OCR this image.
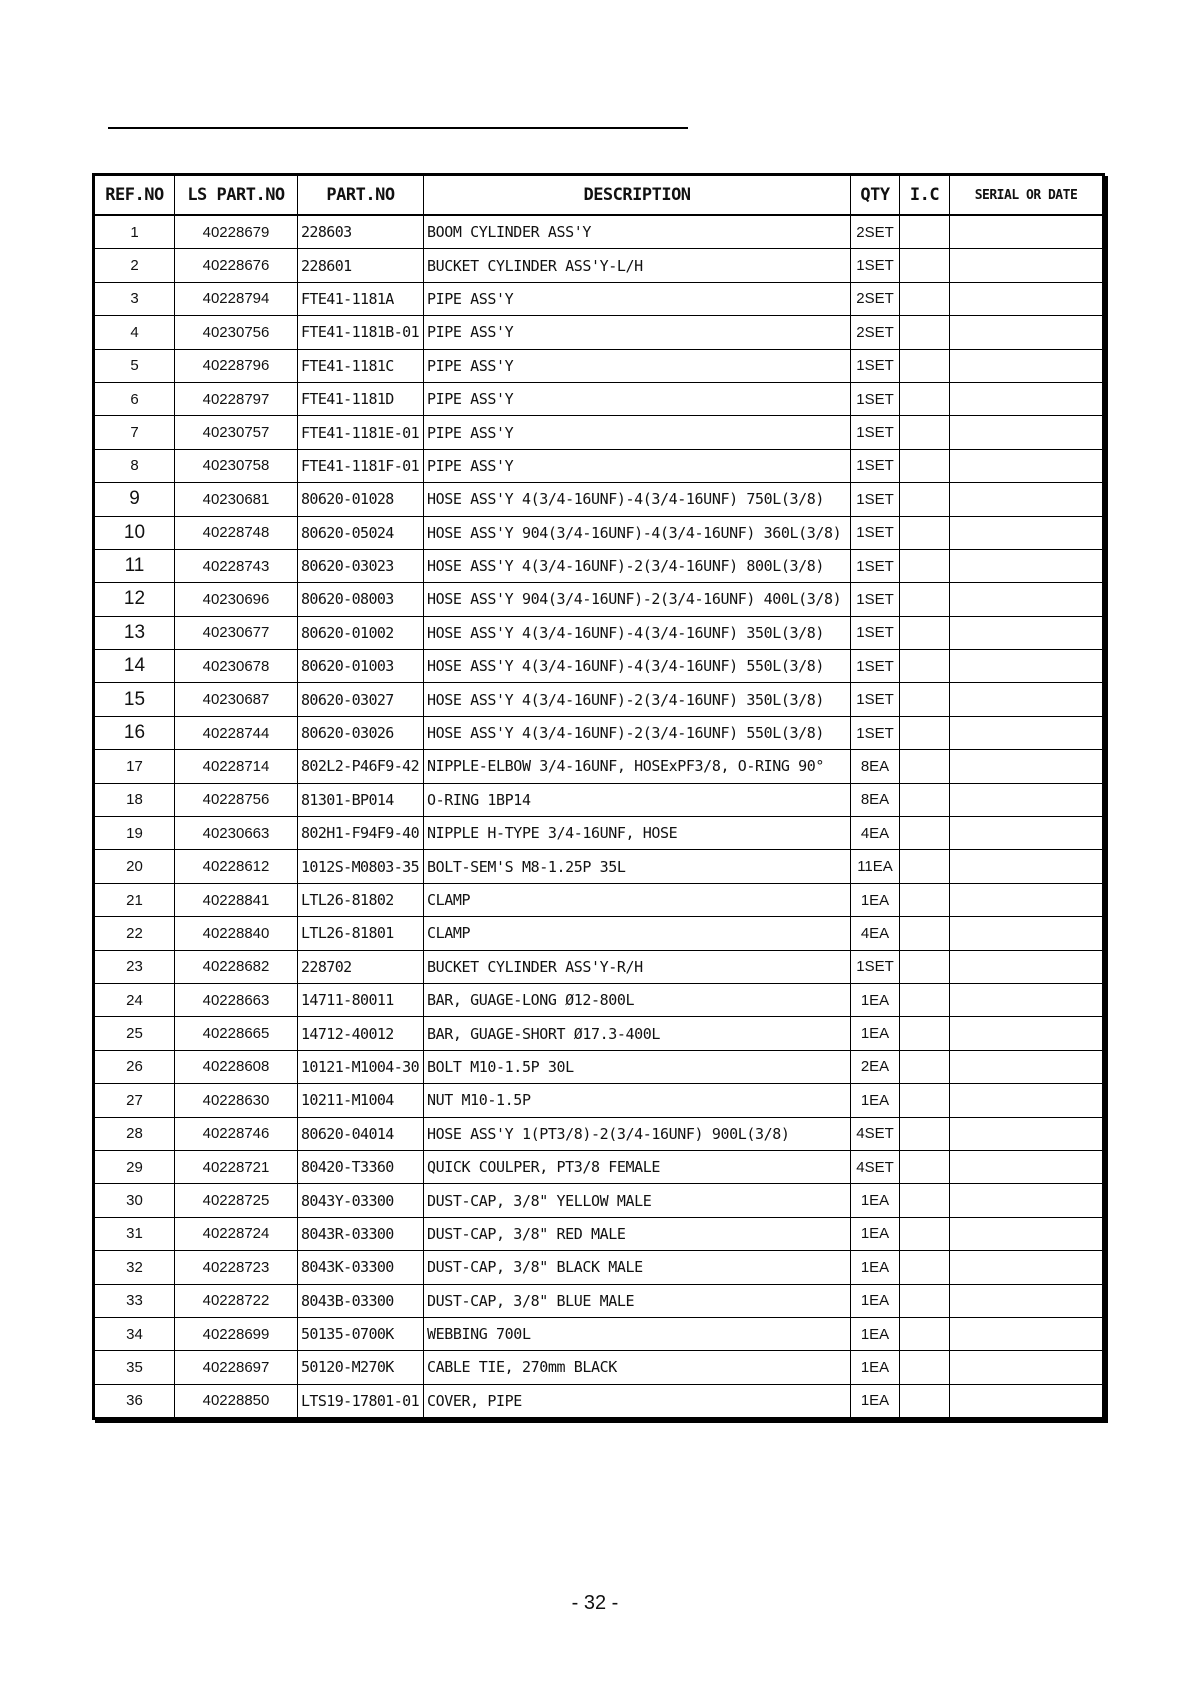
REF.NO	LS PART.NO	PART.NO	DESCRIPTION	QTY	I.C	SERIAL OR DATE
1	40228679	228603	BOOM CYLINDER ASS'Y	2SET		
2	40228676	228601	BUCKET CYLINDER ASS'Y-L/H	1SET		
3	40228794	FTE41-1181A	PIPE ASS'Y	2SET		
4	40230756	FTE41-1181B-01	PIPE ASS'Y	2SET		
5	40228796	FTE41-1181C	PIPE ASS'Y	1SET		
6	40228797	FTE41-1181D	PIPE ASS'Y	1SET		
7	40230757	FTE41-1181E-01	PIPE ASS'Y	1SET		
8	40230758	FTE41-1181F-01	PIPE ASS'Y	1SET		
9	40230681	80620-01028	HOSE ASS'Y 4(3/4-16UNF)-4(3/4-16UNF) 750L(3/8)	1SET		
10	40228748	80620-05024	HOSE ASS'Y 904(3/4-16UNF)-4(3/4-16UNF) 360L(3/8)	1SET		
11	40228743	80620-03023	HOSE ASS'Y 4(3/4-16UNF)-2(3/4-16UNF) 800L(3/8)	1SET		
12	40230696	80620-08003	HOSE ASS'Y 904(3/4-16UNF)-2(3/4-16UNF) 400L(3/8)	1SET		
13	40230677	80620-01002	HOSE ASS'Y 4(3/4-16UNF)-4(3/4-16UNF) 350L(3/8)	1SET		
14	40230678	80620-01003	HOSE ASS'Y 4(3/4-16UNF)-4(3/4-16UNF) 550L(3/8)	1SET		
15	40230687	80620-03027	HOSE ASS'Y 4(3/4-16UNF)-2(3/4-16UNF) 350L(3/8)	1SET		
16	40228744	80620-03026	HOSE ASS'Y 4(3/4-16UNF)-2(3/4-16UNF) 550L(3/8)	1SET		
17	40228714	802L2-P46F9-42	NIPPLE-ELBOW 3/4-16UNF, HOSExPF3/8, O-RING 90°	8EA		
18	40228756	81301-BP014	O-RING 1BP14	8EA		
19	40230663	802H1-F94F9-40	NIPPLE H-TYPE 3/4-16UNF, HOSE	4EA		
20	40228612	1012S-M0803-35	BOLT-SEM'S M8-1.25P 35L	11EA		
21	40228841	LTL26-81802	CLAMP	1EA		
22	40228840	LTL26-81801	CLAMP	4EA		
23	40228682	228702	BUCKET CYLINDER ASS'Y-R/H	1SET		
24	40228663	14711-80011	BAR, GUAGE-LONG Ø12-800L	1EA		
25	40228665	14712-40012	BAR, GUAGE-SHORT Ø17.3-400L	1EA		
26	40228608	10121-M1004-30	BOLT M10-1.5P 30L	2EA		
27	40228630	10211-M1004	NUT M10-1.5P	1EA		
28	40228746	80620-04014	HOSE ASS'Y 1(PT3/8)-2(3/4-16UNF) 900L(3/8)	4SET		
29	40228721	80420-T3360	QUICK COULPER, PT3/8 FEMALE	4SET		
30	40228725	8043Y-03300	DUST-CAP, 3/8" YELLOW MALE	1EA		
31	40228724	8043R-03300	DUST-CAP, 3/8" RED MALE	1EA		
32	40228723	8043K-03300	DUST-CAP, 3/8" BLACK MALE	1EA		
33	40228722	8043B-03300	DUST-CAP, 3/8" BLUE MALE	1EA		
34	40228699	50135-0700K	WEBBING 700L	1EA		
35	40228697	50120-M270K	CABLE TIE, 270mm BLACK	1EA		
36	40228850	LTS19-17801-01	COVER, PIPE	1EA		
- 32 -
